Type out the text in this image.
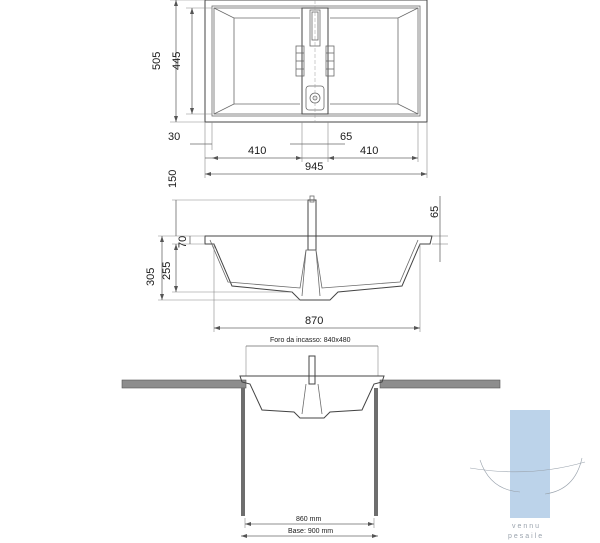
505 445
30	65
410	410
945
150
70
305 255
65
870
Foro da incasso: 840x480
860 mm
Base: 900 mm
vennu
pesaile
